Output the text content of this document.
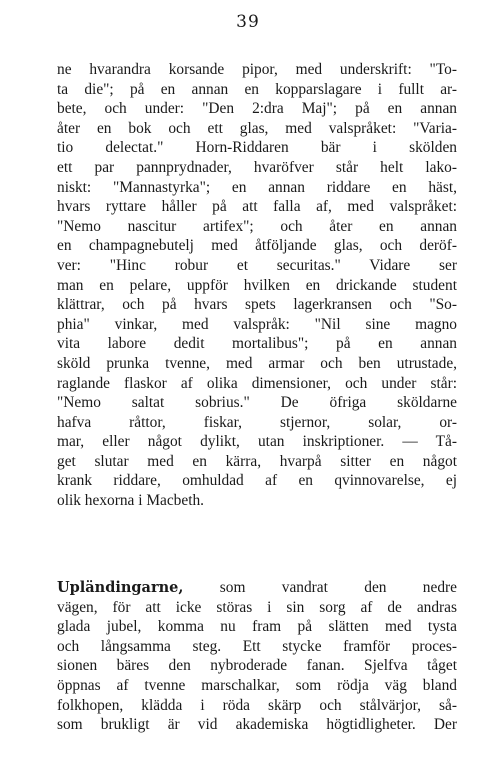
39
ne hvarandra korsande pipor, med underskrift: "To-
ta die"; på en annan en kopparslagare i fullt ar-
bete, och under: "Den 2:dra Maj"; på en annan
åter en bok och ett glas, med valspråket: "Varia-
tio delectat." Horn-Riddaren bär i skölden
ett par pannprydnader, hvaröfver står helt lako-
niskt: "Mannastyrka"; en annan riddare en häst,
hvars ryttare håller på att falla af, med valspråket:
"Nemo nascitur artifex"; och åter en annan
en champagnebutelj med åtföljande glas, och deröf-
ver: "Hinc robur et securitas." Vidare ser
man en pelare, uppför hvilken en drickande student
klättrar, och på hvars spets lagerkransen och "So-
phia" vinkar, med valspråk: "Nil sine magno
vita labore dedit mortalibus"; på en annan
sköld prunka tvenne, med armar och ben utrustade,
raglande flaskor af olika dimensioner, och under står:
"Nemo saltat sobrius." De öfriga sköldarne
hafva råttor, fiskar, stjernor, solar, or-
mar, eller något dylikt, utan inskriptioner. — Tå-
get slutar med en kärra, hvarpå sitter en något
krank riddare, omhuldad af en qvinnovarelse, ej
olik hexorna i Macbeth.
Upländingarne, som vandrat den nedre
vägen, för att icke störas i sin sorg af de andras
glada jubel, komma nu fram på slätten med tysta
och långsamma steg. Ett stycke framför proces-
sionen bäres den nybroderade fanan. Sjelfva tåget
öppnas af tvenne marschalkar, som rödja väg bland
folkhopen, klädda i röda skärp och stålvärjor, så-
som brukligt är vid akademiska högtidligheter. Der
